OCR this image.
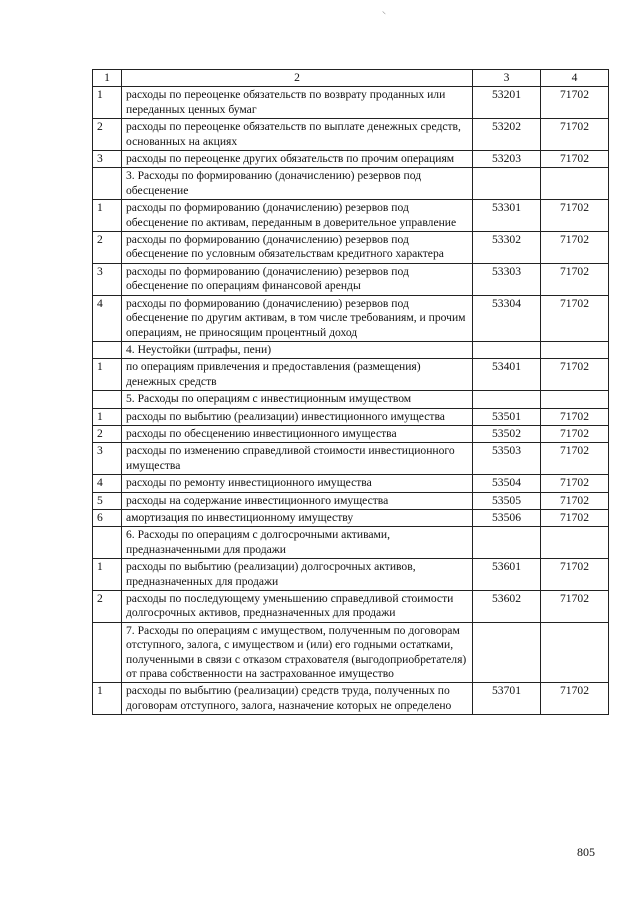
⸌
1	2	3	4
1	расходы по переоценке обязательств по возврату проданных или переданных ценных бумаг	53201	71702
2	расходы по переоценке обязательств по выплате денежных средств, основанных на акциях	53202	71702
3	расходы по переоценке других обязательств по прочим операциям	53203	71702
	3. Расходы по формированию (доначислению) резервов под обесценение		
1	расходы по формированию (доначислению) резервов под обесценение по активам, переданным в доверительное управление	53301	71702
2	расходы по формированию (доначислению) резервов под обесценение по условным обязательствам кредитного характера	53302	71702
3	расходы по формированию (доначислению) резервов под обесценение по операциям финансовой аренды	53303	71702
4	расходы по формированию (доначислению) резервов под обесценение по другим активам, в том числе требованиям, и прочим операциям, не приносящим процентный доход	53304	71702
	4. Неустойки (штрафы, пени)		
1	по операциям привлечения и предоставления (размещения) денежных средств	53401	71702
	5. Расходы по операциям с инвестиционным имуществом		
1	расходы по выбытию (реализации) инвестиционного имущества	53501	71702
2	расходы по обесценению инвестиционного имущества	53502	71702
3	расходы по изменению справедливой стоимости инвестиционного имущества	53503	71702
4	расходы по ремонту инвестиционного имущества	53504	71702
5	расходы на содержание инвестиционного имущества	53505	71702
6	амортизация по инвестиционному имуществу	53506	71702
	6. Расходы по операциям с долгосрочными активами, предназначенными для продажи		
1	расходы по выбытию (реализации) долгосрочных активов, предназначенных для продажи	53601	71702
2	расходы по последующему уменьшению справедливой стоимости долгосрочных активов, предназначенных для продажи	53602	71702
	7. Расходы по операциям с имуществом, полученным по договорам отступного, залога, с имуществом и (или) его годными остатками, полученными в связи с отказом страхователя (выгодоприобретателя) от права собственности на застрахованное имущество		
1	расходы по выбытию (реализации) средств труда, полученных по договорам отступного, залога, назначение которых не определено	53701	71702
805
